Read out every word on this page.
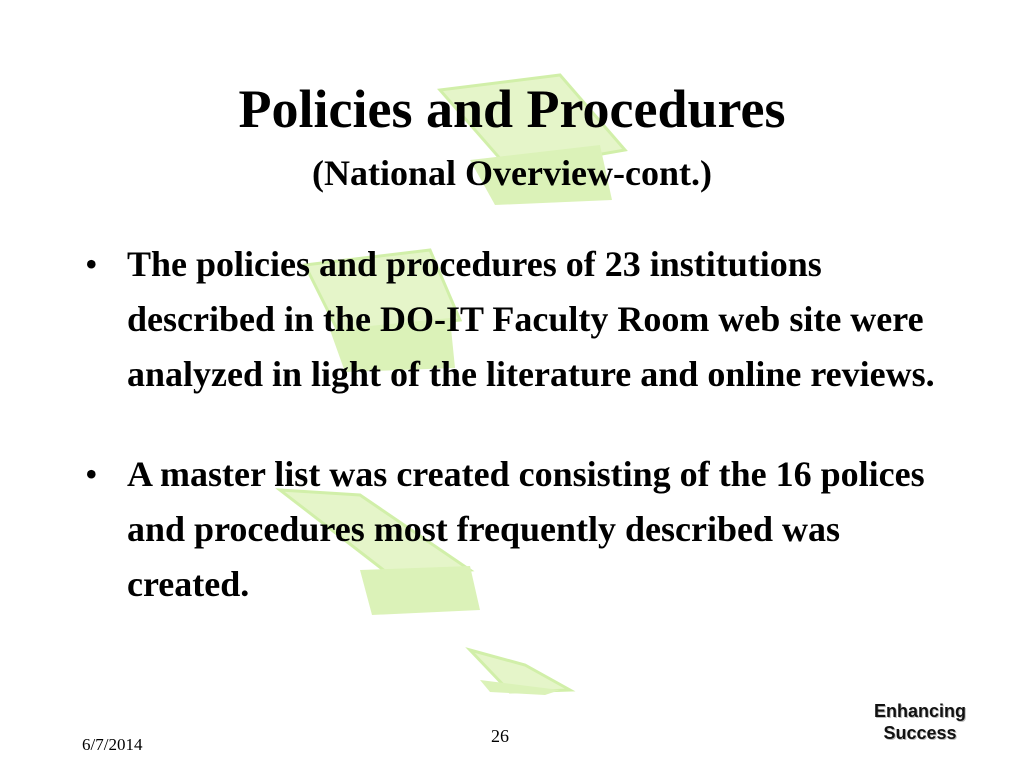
Policies and Procedures
(National Overview-cont.)
• The policies and procedures of 23 institutions described in the DO-IT Faculty Room web site were analyzed in light of the literature and online reviews.
• A master list was created consisting of the 16 polices and procedures most frequently described was created.
6/7/2014	26
Enhancing
Success
